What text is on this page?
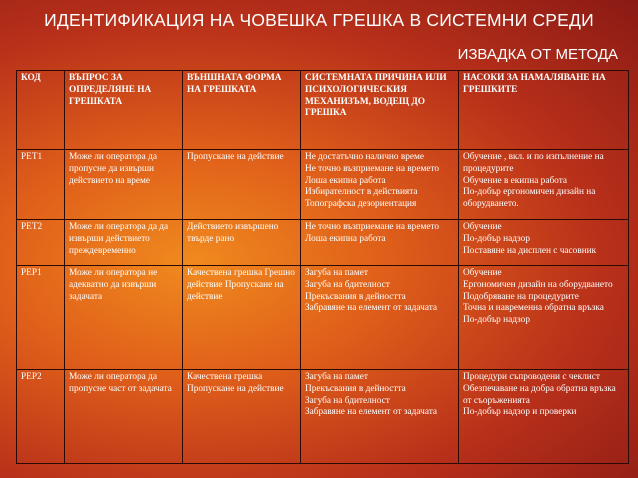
ИДЕНТИФИКАЦИЯ НА ЧОВЕШКА ГРЕШКА В СИСТЕМНИ СРЕДИ
ИЗВАДКА ОТ МЕТОДА
КОД	ВЪПРОС ЗА ОПРЕДЕЛЯНЕ НА ГРЕШКАТА	ВЪНШНАТА ФОРМА НА ГРЕШКАТА	СИСТЕМНАТА ПРИЧИНА ИЛИ ПСИХОЛОГИЧЕСКИЯ МЕХАНИЗЪМ, ВОДЕЩ ДО ГРЕШКА	НАСОКИ ЗА НАМАЛЯВАНЕ НА ГРЕШКИТЕ
PET1	Може ли оператора да пропусне да извърши действието на време	Пропускане на действие	Не достатъчно налично време
Не точно възприемане на времето
Лоша екипна работа
Избирателност в действията
Топографска дезориентация	Обучение , вкл. и по изпълнение на процедурите
Обучение в екипна работа
По-добър ергономичен дизайн на оборудването.

PET2	Може ли оператора да да извърши действието преждевременно	Действието извършено твърде рано	Не точно възприемане на времето
Лоша екипна работа	Обучение
По-добър надзор
Поставяне на дисплен с часовник

PEP1	Може ли оператора не адекватно да извърши задачата	Качествена грешка Грешно действие Пропускане на действие	Загуба на памет
Загуба на бдителност
Прекъсвания в дейността
Забравяне на елемент от задачата	Обучение
Ергономичен дизайн на оборудването
Подобряване на процедурите
Точна и навременна обратна връзка
По-добър надзор

PEP2	Може ли оператора да пропусне част от задачата	Качествена грешка Пропускане на действие	Загуба на памет
Прекъсвания в дейността
Загуба на бдителност
Забравяне на елемент от задачата	Процедури съпроводени с чеклист
Обезпечаване на добра обратна връзка от съоръженията
По-добър надзор и проверки
